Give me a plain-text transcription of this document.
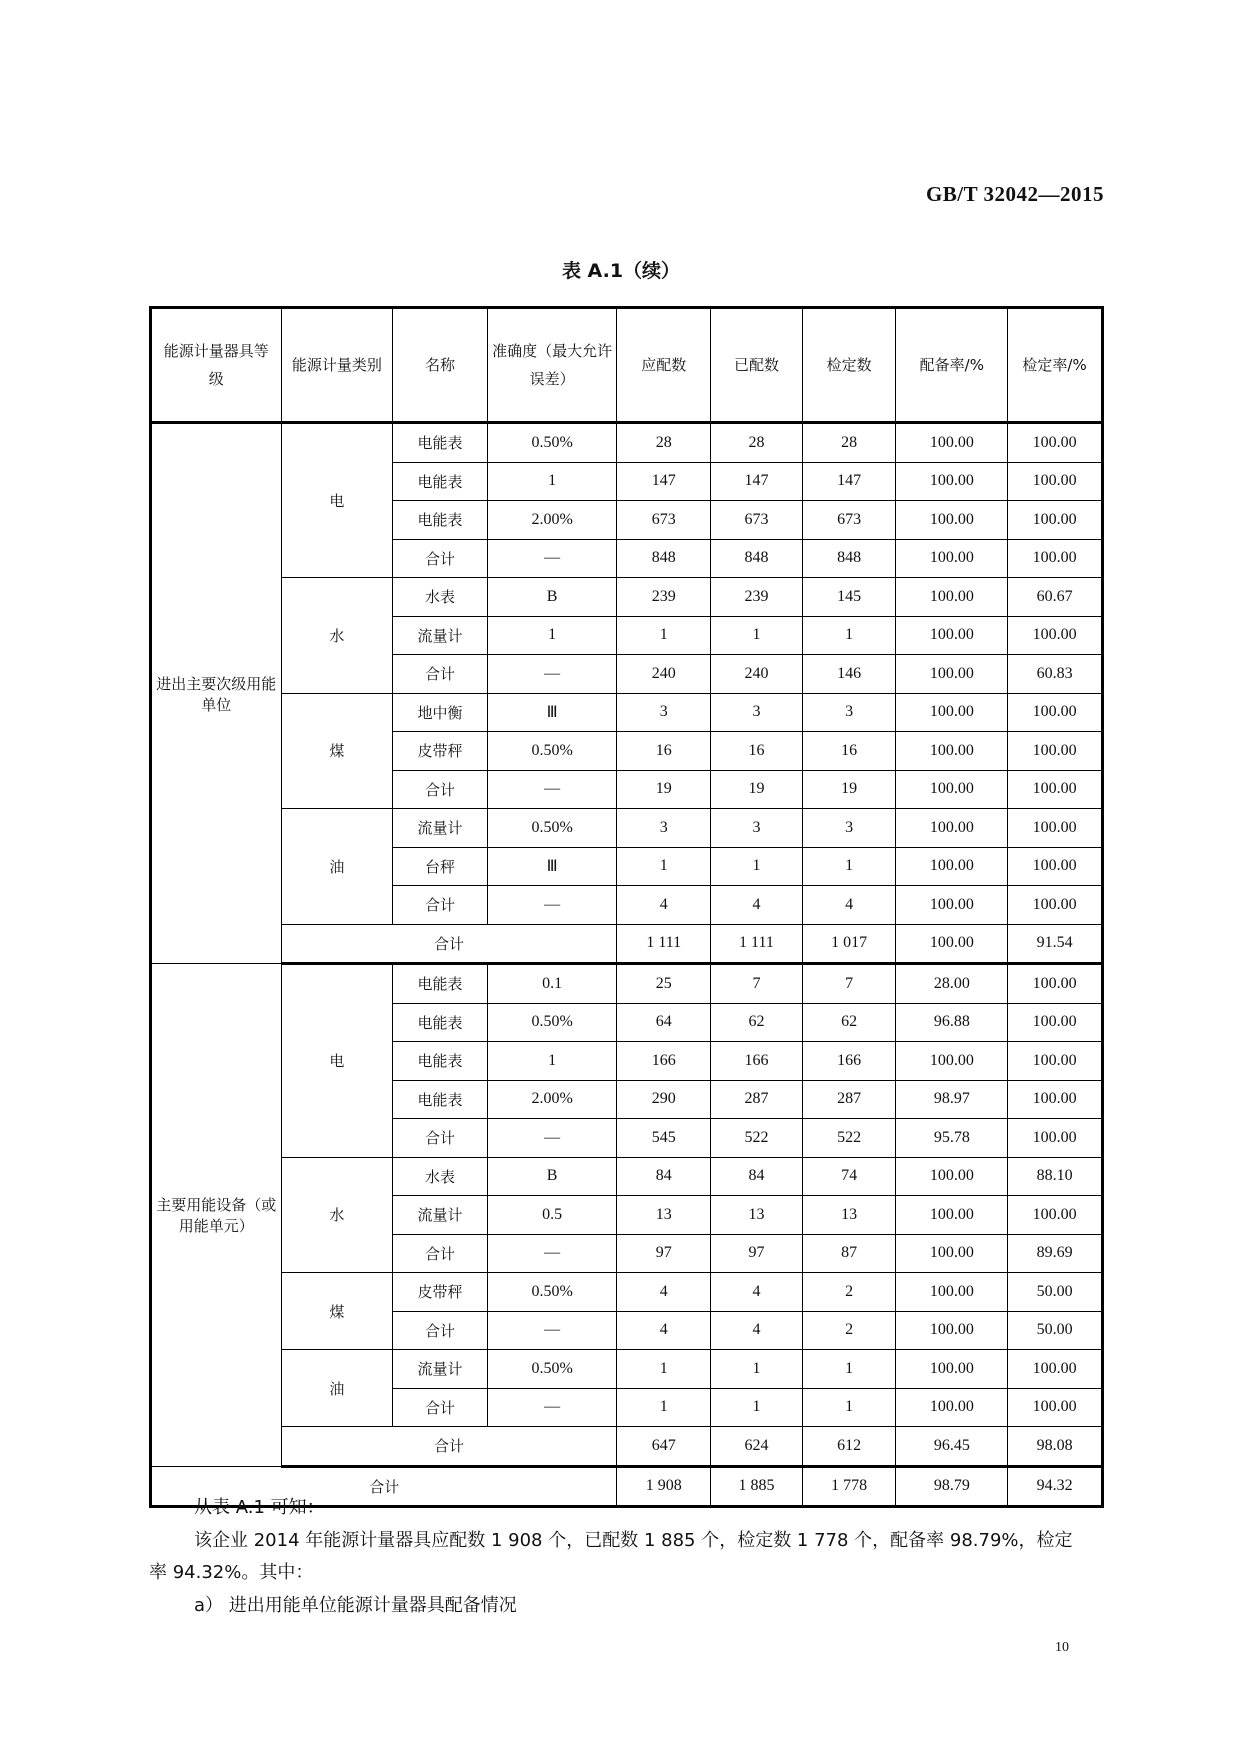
GB/T 32042—2015
表 A.1（续）
能源计量器具等级	能源计量类别	名称	准确度（最大允许误差）	应配数	已配数	检定数	配备率/%	检定率/%
进出主要次级用能单位	电	电能表	0.50%	28	28	28	100.00	100.00
		电能表	1	147	147	147	100.00	100.00
		电能表	2.00%	673	673	673	100.00	100.00
		合计	—	848	848	848	100.00	100.00
	水	水表	B	239	239	145	100.00	60.67
		流量计	1	1	1	1	100.00	100.00
		合计	—	240	240	146	100.00	60.83
	煤	地中衡	Ⅲ	3	3	3	100.00	100.00
		皮带秤	0.50%	16	16	16	100.00	100.00
		合计	—	19	19	19	100.00	100.00
	油	流量计	0.50%	3	3	3	100.00	100.00
		台秤	Ⅲ	1	1	1	100.00	100.00
		合计	—	4	4	4	100.00	100.00
	合计			1 111	1 111	1 017	100.00	91.54
主要用能设备（或用能单元）	电	电能表	0.1	25	7	7	28.00	100.00
		电能表	0.50%	64	62	62	96.88	100.00
		电能表	1	166	166	166	100.00	100.00
		电能表	2.00%	290	287	287	98.97	100.00
		合计	—	545	522	522	95.78	100.00
	水	水表	B	84	84	74	100.00	88.10
		流量计	0.5	13	13	13	100.00	100.00
		合计	—	97	97	87	100.00	89.69
	煤	皮带秤	0.50%	4	4	2	100.00	50.00
		合计	—	4	4	2	100.00	50.00
	油	流量计	0.50%	1	1	1	100.00	100.00
		合计	—	1	1	1	100.00	100.00
	合计			647	624	612	96.45	98.08
合计				1 908	1 885	1 778	98.79	94.32
从表 A.1 可知：
该企业 2014 年能源计量器具应配数 1 908 个，已配数 1 885 个，检定数 1 778 个，配备率 98.79%，检定
率 94.32%。其中：
a） 进出用能单位能源计量器具配备情况
10
